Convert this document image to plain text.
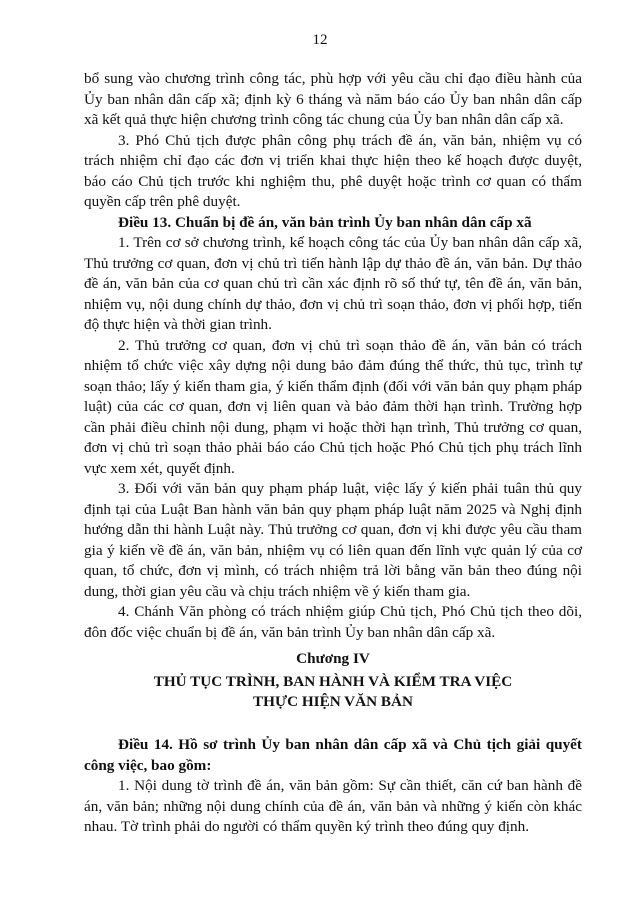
12

bổ sung vào chương trình công tác, phù hợp với yêu cầu chỉ đạo điều hành của Ủy ban nhân dân cấp xã; định kỳ 6 tháng và năm báo cáo Ủy ban nhân dân cấp xã kết quả thực hiện chương trình công tác chung của Ủy ban nhân dân cấp xã.

3. Phó Chủ tịch được phân công phụ trách đề án, văn bản, nhiệm vụ có trách nhiệm chỉ đạo các đơn vị triển khai thực hiện theo kế hoạch được duyệt, báo cáo Chủ tịch trước khi nghiệm thu, phê duyệt hoặc trình cơ quan có thẩm quyền cấp trên phê duyệt.

Điều 13. Chuẩn bị đề án, văn bản trình Ủy ban nhân dân cấp xã

1. Trên cơ sở chương trình, kế hoạch công tác của Ủy ban nhân dân cấp xã, Thủ trưởng cơ quan, đơn vị chủ trì tiến hành lập dự thảo đề án, văn bản. Dự thảo đề án, văn bản của cơ quan chủ trì cần xác định rõ số thứ tự, tên đề án, văn bản, nhiệm vụ, nội dung chính dự thảo, đơn vị chủ trì soạn thảo, đơn vị phối hợp, tiến độ thực hiện và thời gian trình.

2. Thủ trưởng cơ quan, đơn vị chủ trì soạn thảo đề án, văn bản có trách nhiệm tổ chức việc xây dựng nội dung bảo đảm đúng thể thức, thủ tục, trình tự soạn thảo; lấy ý kiến tham gia, ý kiến thẩm định (đối với văn bản quy phạm pháp luật) của các cơ quan, đơn vị liên quan và bảo đảm thời hạn trình. Trường hợp cần phải điều chỉnh nội dung, phạm vi hoặc thời hạn trình, Thủ trưởng cơ quan, đơn vị chủ trì soạn thảo phải báo cáo Chủ tịch hoặc Phó Chủ tịch phụ trách lĩnh vực xem xét, quyết định.

3. Đối với văn bản quy phạm pháp luật, việc lấy ý kiến phải tuân thủ quy định tại của Luật Ban hành văn bản quy phạm pháp luật năm 2025 và Nghị định hướng dẫn thi hành Luật này. Thủ trưởng cơ quan, đơn vị khi được yêu cầu tham gia ý kiến về đề án, văn bản, nhiệm vụ có liên quan đến lĩnh vực quản lý của cơ quan, tổ chức, đơn vị mình, có trách nhiệm trả lời bằng văn bản theo đúng nội dung, thời gian yêu cầu và chịu trách nhiệm về ý kiến tham gia.

4. Chánh Văn phòng có trách nhiệm giúp Chủ tịch, Phó Chủ tịch theo dõi, đôn đốc việc chuẩn bị đề án, văn bản trình Ủy ban nhân dân cấp xã.

Chương IV
THỦ TỤC TRÌNH, BAN HÀNH VÀ KIỂM TRA VIỆC
THỰC HIỆN VĂN BẢN

Điều 14. Hồ sơ trình Ủy ban nhân dân cấp xã và Chủ tịch giải quyết công việc, bao gồm:

1. Nội dung tờ trình đề án, văn bản gồm: Sự cần thiết, căn cứ ban hành đề án, văn bản; những nội dung chính của đề án, văn bản và những ý kiến còn khác nhau. Tờ trình phải do người có thẩm quyền ký trình theo đúng quy định.
